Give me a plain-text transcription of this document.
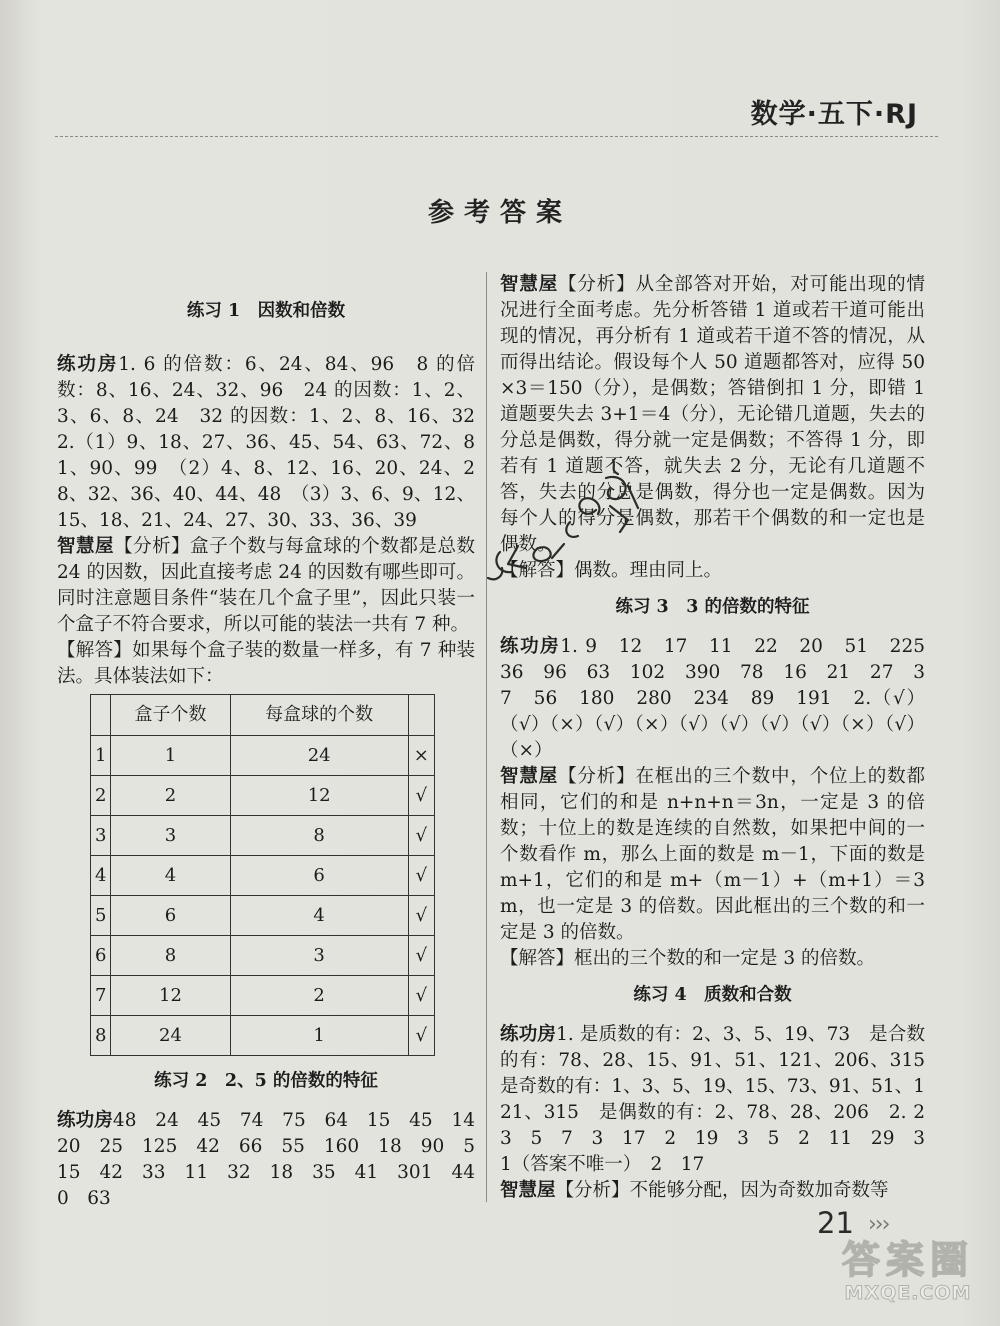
数学·五下·RJ
参考答案
练习 1　因数和倍数

练功房1. 6 的倍数：6、24、84、96　8 的倍数：8、16、24、32、96　24 的因数：1、2、3、6、8、24　32 的因数：1、2、8、16、32　2.（1）9、18、27、36、45、54、63、72、81、90、99　（2）4、8、12、16、20、24、28、32、36、40、44、48　（3）3、6、9、12、15、18、21、24、27、30、33、36、39

智慧屋【分析】盒子个数与每盒球的个数都是总数 24 的因数，因此直接考虑 24 的因数有哪些即可。同时注意题目条件“装在几个盒子里”，因此只装一个盒子不符合要求，所以可能的装法一共有 7 种。

【解答】如果每个盒子装的数量一样多，有 7 种装法。具体装法如下：

	盒子个数	每盒球的个数	
1	1	24	×
2	2	12	√
3	3	8	√
4	4	6	√
5	6	4	√
6	8	3	√
7	12	2	√
8	24	1	√
练习 2　2、5 的倍数的特征

练功房48　24　45　74　75　64　15　45　14　20　25　125　42　66　55　160　18　90　5　15　42　33　11　32　18　35　41　301　440　63

智慧屋【分析】从全部答对开始，对可能出现的情况进行全面考虑。先分析答错 1 道或若干道可能出现的情况，再分析有 1 道或若干道不答的情况，从而得出结论。假设每个人 50 道题都答对，应得 50×3＝150（分），是偶数；答错倒扣 1 分，即错 1 道题要失去 3+1＝4（分），无论错几道题，失去的分总是偶数，得分就一定是偶数；不答得 1 分，即若有 1 道题不答，就失去 2 分，无论有几道题不答，失去的分总是偶数，得分也一定是偶数。因为每个人的得分是偶数，那若干个偶数的和一定也是偶数。

【解答】偶数。理由同上。

练习 3　3 的倍数的特征

练功房1. 9　12　17　11　22　20　51　225　36　96　63　102　390　78　16　21　27　37　56　180　280　234　89　191　2.（√）（√）（×）（√）（×）（√）（√）（√）（√）（×）（√）（×）

智慧屋【分析】在框出的三个数中，个位上的数都相同，它们的和是 n+n+n＝3n，一定是 3 的倍数；十位上的数是连续的自然数，如果把中间的一个数看作 m，那么上面的数是 m－1，下面的数是 m+1，它们的和是 m+（m－1）+（m+1）＝3m，也一定是 3 的倍数。因此框出的三个数的和一定是 3 的倍数。

【解答】框出的三个数的和一定是 3 的倍数。

练习 4　质数和合数

练功房1. 是质数的有：2、3、5、19、73　是合数的有：78、28、15、91、51、121、206、315　是奇数的有：1、3、5、19、15、73、91、51、121、315　是偶数的有：2、78、28、206　2. 2　3　5　7　3　17　2　19　3　5　2　11　29　31（答案不唯一）　2　17

智慧屋【分析】不能够分配，因为奇数加奇数等

21 ›››
答案圈
MXQE.COM
